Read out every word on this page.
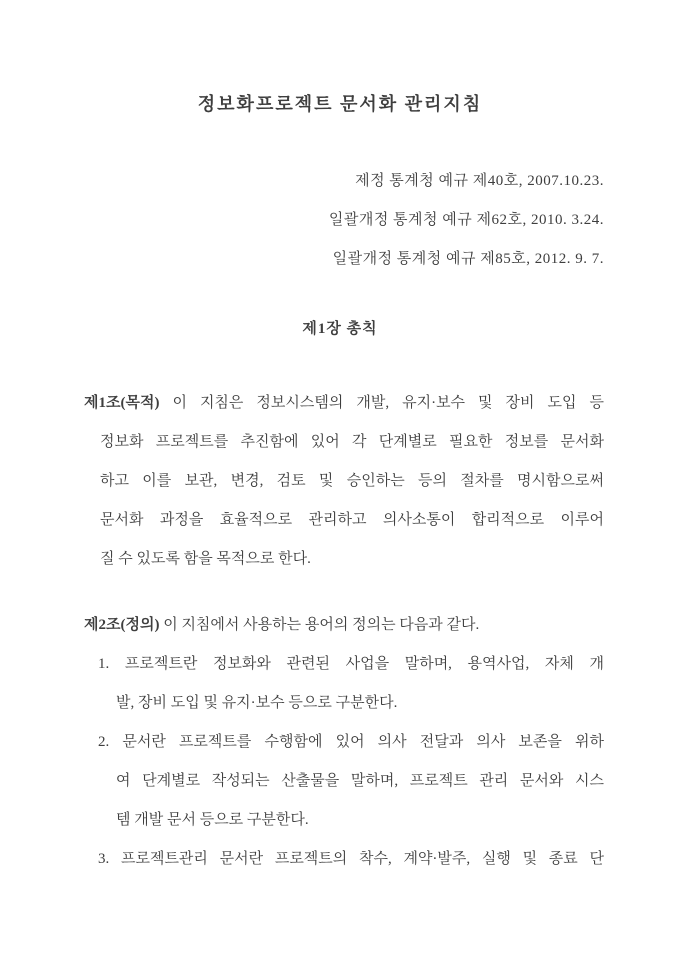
정보화프로젝트 문서화 관리지침
제정 통계청 예규 제40호, 2007.10.23.
일괄개정 통계청 예규 제62호, 2010. 3.24.
일괄개정 통계청 예규 제85호, 2012. 9. 7.
제1장 총칙
제1조(목적) 이 지침은 정보시스템의 개발, 유지·보수 및 장비 도입 등
정보화 프로젝트를 추진함에 있어 각 단계별로 필요한 정보를 문서화
하고 이를 보관, 변경, 검토 및 승인하는 등의 절차를 명시함으로써
문서화 과정을 효율적으로 관리하고 의사소통이 합리적으로 이루어
질 수 있도록 함을 목적으로 한다.
제2조(정의) 이 지침에서 사용하는 용어의 정의는 다음과 같다.
1. 프로젝트란 정보화와 관련된 사업을 말하며, 용역사업, 자체 개
발, 장비 도입 및 유지·보수 등으로 구분한다.
2. 문서란 프로젝트를 수행함에 있어 의사 전달과 의사 보존을 위하
여 단계별로 작성되는 산출물을 말하며, 프로젝트 관리 문서와 시스
템 개발 문서 등으로 구분한다.
3. 프로젝트관리 문서란 프로젝트의 착수, 계약·발주, 실행 및 종료 단
